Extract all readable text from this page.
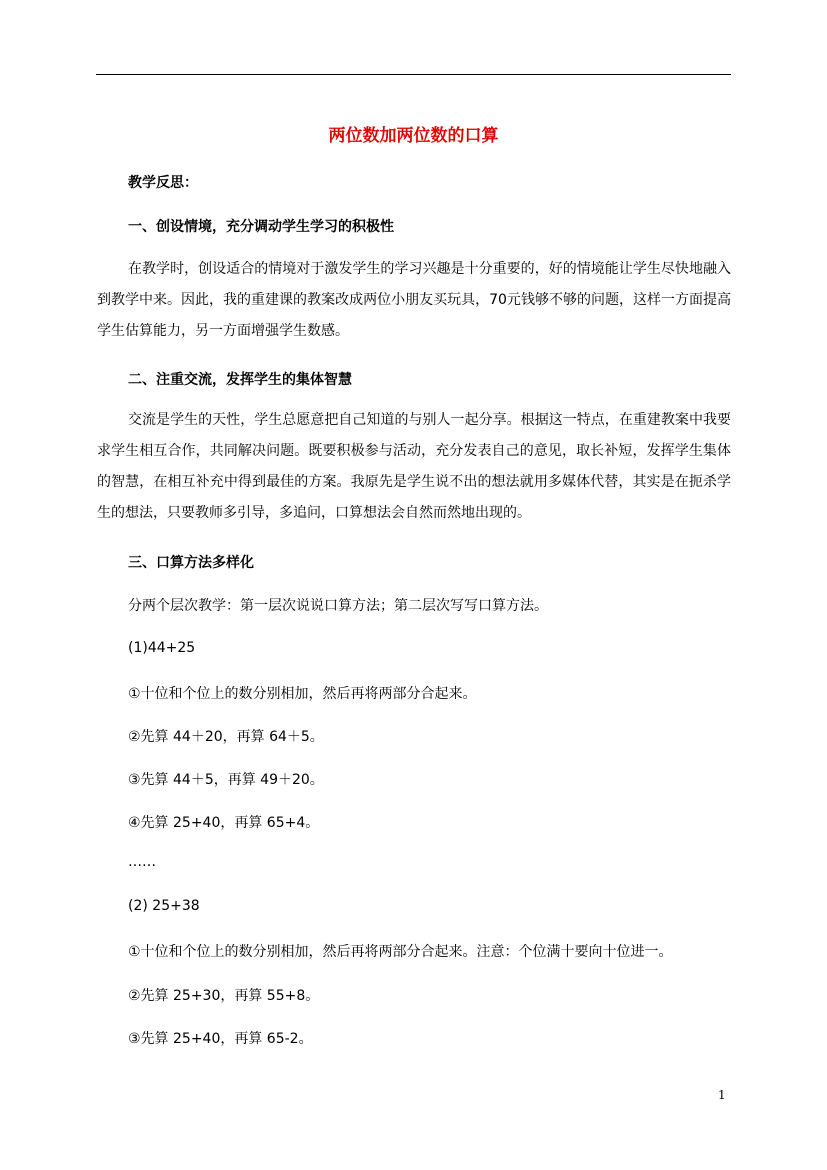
两位数加两位数的口算
教学反思：
一、创设情境，充分调动学生学习的积极性
在教学时，创设适合的情境对于激发学生的学习兴趣是十分重要的，好的情境能让学生尽快地融入到教学中来。因此，我的重建课的教案改成两位小朋友买玩具，70元钱够不够的问题，这样一方面提高学生估算能力，另一方面增强学生数感。
二、注重交流，发挥学生的集体智慧
交流是学生的天性，学生总愿意把自己知道的与别人一起分享。根据这一特点，在重建教案中我要求学生相互合作，共同解决问题。既要积极参与活动，充分发表自己的意见，取长补短，发挥学生集体的智慧，在相互补充中得到最佳的方案。我原先是学生说不出的想法就用多媒体代替，其实是在扼杀学生的想法，只要教师多引导，多追问，口算想法会自然而然地出现的。
三、口算方法多样化
分两个层次教学：第一层次说说口算方法；第二层次写写口算方法。
(1)44+25
①十位和个位上的数分别相加，然后再将两部分合起来。
②先算 44＋20，再算 64＋5。
③先算 44＋5，再算 49＋20。
④先算 25+40，再算 65+4。
……
(2) 25+38
①十位和个位上的数分别相加，然后再将两部分合起来。注意：个位满十要向十位进一。
②先算 25+30，再算 55+8。
③先算 25+40，再算 65-2。
1
